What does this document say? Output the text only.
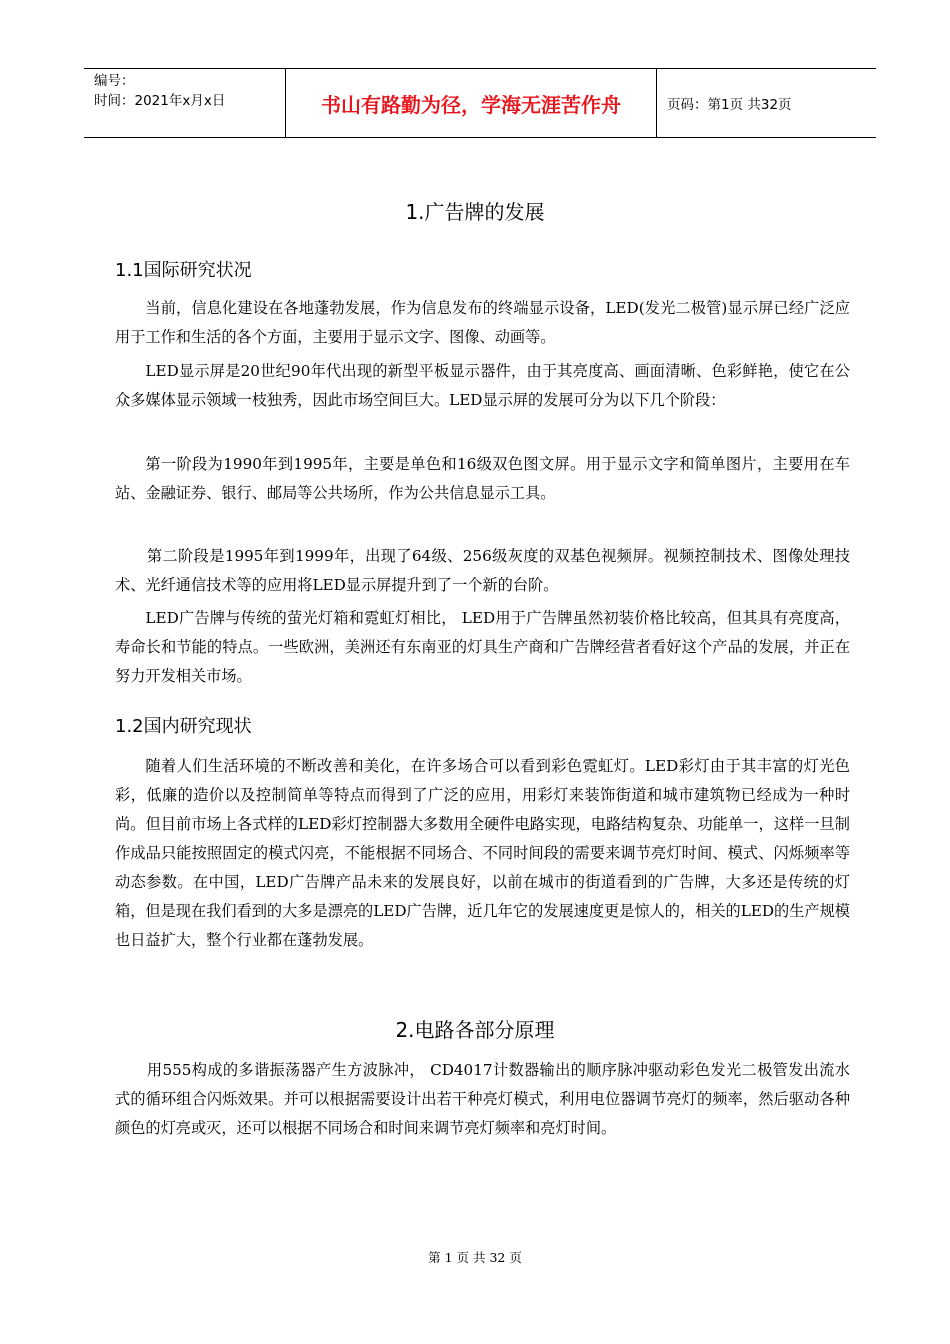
编号：
时间：2021年x月x日	书山有路勤为径，学海无涯苦作舟	页码：第1页 共32页
1.广告牌的发展
1.1国际研究状况
当前，信息化建设在各地蓬勃发展，作为信息发布的终端显示设备，LED(发光二极管)显示屏已经广泛应用于工作和生活的各个方面，主要用于显示文字、图像、动画等。
LED显示屏是20世纪90年代出现的新型平板显示器件，由于其亮度高、画面清晰、色彩鲜艳，使它在公众多媒体显示领域一枝独秀，因此市场空间巨大。LED显示屏的发展可分为以下几个阶段：
第一阶段为1990年到1995年，主要是单色和16级双色图文屏。用于显示文字和简单图片，主要用在车站、金融证券、银行、邮局等公共场所，作为公共信息显示工具。
第二阶段是1995年到1999年，出现了64级、256级灰度的双基色视频屏。视频控制技术、图像处理技术、光纤通信技术等的应用将LED显示屏提升到了一个新的台阶。
LED广告牌与传统的萤光灯箱和霓虹灯相比， LED用于广告牌虽然初装价格比较高，但其具有亮度高，寿命长和节能的特点。一些欧洲，美洲还有东南亚的灯具生产商和广告牌经营者看好这个产品的发展，并正在努力开发相关市场。
1.2国内研究现状
随着人们生活环境的不断改善和美化，在许多场合可以看到彩色霓虹灯。LED彩灯由于其丰富的灯光色彩，低廉的造价以及控制简单等特点而得到了广泛的应用，用彩灯来装饰街道和城市建筑物已经成为一种时尚。但目前市场上各式样的LED彩灯控制器大多数用全硬件电路实现，电路结构复杂、功能单一，这样一旦制作成品只能按照固定的模式闪亮，不能根据不同场合、不同时间段的需要来调节亮灯时间、模式、闪烁频率等动态参数。在中国，LED广告牌产品未来的发展良好，以前在城市的街道看到的广告牌，大多还是传统的灯箱，但是现在我们看到的大多是漂亮的LED广告牌，近几年它的发展速度更是惊人的，相关的LED的生产规模也日益扩大，整个行业都在蓬勃发展。
2.电路各部分原理
用555构成的多谐振荡器产生方波脉冲， CD4017计数器输出的顺序脉冲驱动彩色发光二极管发出流水式的循环组合闪烁效果。并可以根据需要设计出若干种亮灯模式，利用电位器调节亮灯的频率，然后驱动各种颜色的灯亮或灭，还可以根据不同场合和时间来调节亮灯频率和亮灯时间。
第 1 页 共 32 页
